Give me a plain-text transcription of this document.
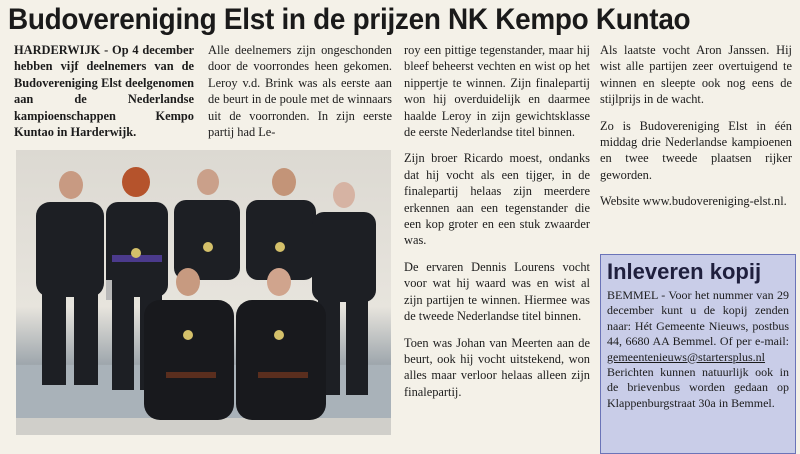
Budovereniging Elst in de prijzen NK Kempo Kuntao

HARDERWIJK - Op 4 december hebben vijf deelnemers van de Budovereniging Elst deelgenomen aan de Nederlandse kampioenschappen Kempo Kuntao in Harderwijk.

Alle deelnemers zijn ongeschonden door de voorrondes heen gekomen. Leroy v.d. Brink was als eerste aan de beurt in de poule met de winnaars uit de voorronden. In zijn eerste partij had Le-

roy een pittige tegenstander, maar hij bleef beheerst vechten en wist op het nippertje te winnen. Zijn finalepartij won hij overduidelijk en daarmee haalde Leroy in zijn gewichtsklasse de eerste Nederlandse titel binnen.

Zijn broer Ricardo moest, ondanks dat hij vocht als een tijger, in de finalepartij helaas zijn meerdere erkennen aan een tegenstander die een kop groter en een stuk zwaarder was.

De ervaren Dennis Lourens vocht voor wat hij waard was en wist al zijn partijen te winnen. Hiermee was de tweede Nederlandse titel binnen.

Toen was Johan van Meerten aan de beurt, ook hij vocht uitstekend, won alles maar verloor helaas alleen zijn finalepartij.

Als laatste vocht Aron Janssen. Hij wist alle partijen zeer overtuigend te winnen en sleepte ook nog eens de stijlprijs in de wacht.

Zo is Budovereniging Elst in één middag drie Nederlandse kampioenen en twee tweede plaatsen rijker geworden.

Website www.budovereniging-elst.nl.

Inleveren kopij
BEMMEL - Voor het nummer van 29 december kunt u de kopij zenden naar: Hét Gemeente Nieuws, postbus 44, 6680 AA Bemmel. Of per e-mail: gemeentenieuws@startersplus.nl Berichten kunnen natuurlijk ook in de brievenbus worden gedaan op Klappenburgstraat 30a in Bemmel.
